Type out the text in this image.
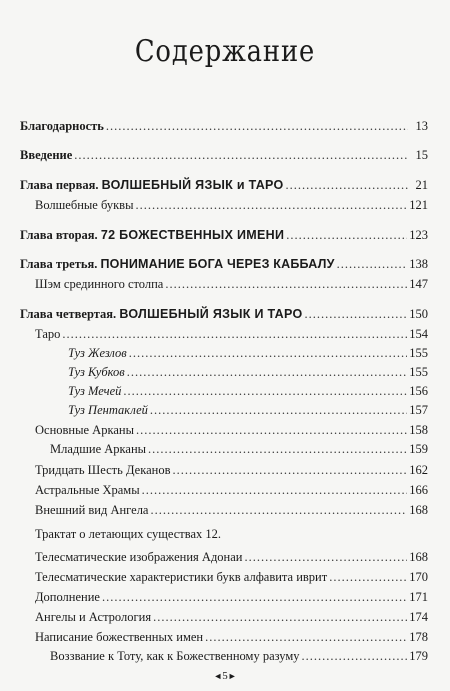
Содержание
Благодарность .....	13
Введение .....	15
Глава первая. ВОЛШЕБНЫЙ ЯЗЫК и ТАРО .....	21
Волшебные буквы .....	121
Глава вторая. 72 БОЖЕСТВЕННЫХ ИМЕНИ .....	123
Глава третья. ПОНИМАНИЕ БОГА ЧЕРЕЗ КАББАЛУ .....	138
Шэм срединного столпа .....	147
Глава четвертая. ВОЛШЕБНЫЙ ЯЗЫК И ТАРО .....	150
Таро .....	154
Туз Жезлов .....	155
Туз Кубков .....	155
Туз Мечей .....	156
Туз Пентаклей .....	157
Основные Арканы .....	158
Младшие Арканы .....	159
Тридцать Шесть Деканов .....	162
Астральные Храмы .....	166
Внешний вид Ангела .....	168
Трактат о летающих существах 12.
Телесматические изображения Адонаи .....	168
Телесматические характеристики букв алфавита иврит .....	170
Дополнение .....	171
Ангелы и Астрология .....	174
Написание божественных имен .....	178
Воззвание к Тоту, как к Божественному разуму .....	179
◄5►
